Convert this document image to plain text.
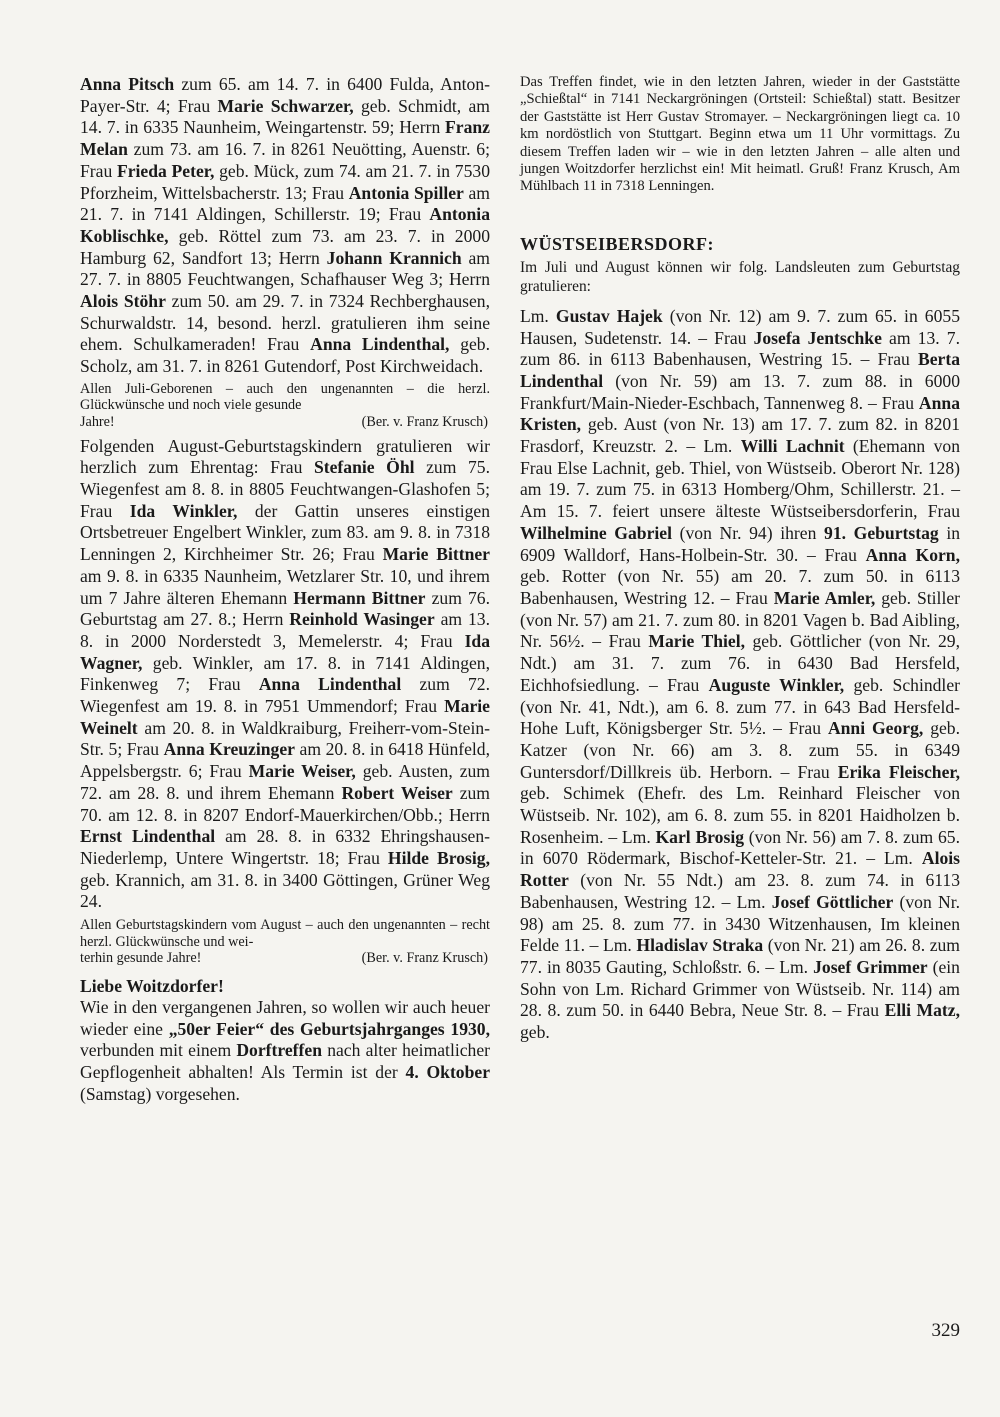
Anna Pitsch zum 65. am 14. 7. in 6400 Fulda, Anton-Payer-Str. 4; Frau Marie Schwarzer, geb. Schmidt, am 14. 7. in 6335 Naunheim, Weingartenstr. 59; Herrn Franz Melan zum 73. am 16. 7. in 8261 Neuötting, Auenstr. 6; Frau Frieda Peter, geb. Mück, zum 74. am 21. 7. in 7530 Pforzheim, Wittelsbacherstr. 13; Frau Antonia Spiller am 21. 7. in 7141 Aldingen, Schillerstr. 19; Frau Antonia Koblischke, geb. Röttel zum 73. am 23. 7. in 2000 Hamburg 62, Sandfort 13; Herrn Johann Krannich am 27. 7. in 8805 Feuchtwangen, Schafhauser Weg 3; Herrn Alois Stöhr zum 50. am 29. 7. in 7324 Rechberghausen, Schurwaldstr. 14, besond. herzl. gratulieren ihm seine ehem. Schulkameraden! Frau Anna Lindenthal, geb. Scholz, am 31. 7. in 8261 Gutendorf, Post Kirchweidach.

Allen Juli-Geborenen – auch den ungenannten – die herzl. Glückwünsche und noch viele gesunde
Jahre!	(Ber. v. Franz Krusch)

Folgenden August-Geburtstagskindern gratulieren wir herzlich zum Ehrentag: Frau Stefanie Öhl zum 75. Wiegenfest am 8. 8. in 8805 Feuchtwangen-Glashofen 5; Frau Ida Winkler, der Gattin unseres einstigen Ortsbetreuer Engelbert Winkler, zum 83. am 9. 8. in 7318 Lenningen 2, Kirchheimer Str. 26; Frau Marie Bittner am 9. 8. in 6335 Naunheim, Wetzlarer Str. 10, und ihrem um 7 Jahre älteren Ehemann Hermann Bittner zum 76. Geburtstag am 27. 8.; Herrn Reinhold Wasinger am 13. 8. in 2000 Norderstedt 3, Memelerstr. 4; Frau Ida Wagner, geb. Winkler, am 17. 8. in 7141 Aldingen, Finkenweg 7; Frau Anna Lindenthal zum 72. Wiegenfest am 19. 8. in 7951 Ummendorf; Frau Marie Weinelt am 20. 8. in Waldkraiburg, Freiherr-vom-Stein-Str. 5; Frau Anna Kreuzinger am 20. 8. in 6418 Hünfeld, Appelsbergstr. 6; Frau Marie Weiser, geb. Austen, zum 72. am 28. 8. und ihrem Ehemann Robert Weiser zum 70. am 12. 8. in 8207 Endorf-Mauerkirchen/Obb.; Herrn Ernst Lindenthal am 28. 8. in 6332 Ehringshausen-Niederlemp, Untere Wingertstr. 18; Frau Hilde Brosig, geb. Krannich, am 31. 8. in 3400 Göttingen, Grüner Weg 24.

Allen Geburtstagskindern vom August – auch den ungenannten – recht herzl. Glückwünsche und wei-
terhin gesunde Jahre!	(Ber. v. Franz Krusch)

Liebe Woitzdorfer!

Wie in den vergangenen Jahren, so wollen wir auch heuer wieder eine „50er Feier“ des Geburtsjahrganges 1930, verbunden mit einem Dorftreffen nach alter heimatlicher Gepflogenheit abhalten! Als Termin ist der 4. Oktober (Samstag) vorgesehen.

Das Treffen findet, wie in den letzten Jahren, wieder in der Gaststätte „Schießtal“ in 7141 Neckargröningen (Ortsteil: Schießtal) statt. Besitzer der Gaststätte ist Herr Gustav Stromayer. – Neckargröningen liegt ca. 10 km nordöstlich von Stuttgart. Beginn etwa um 11 Uhr vormittags. Zu diesem Treffen laden wir – wie in den letzten Jahren – alle alten und jungen Woitzdorfer herzlichst ein! Mit heimatl. Gruß! Franz Krusch, Am Mühlbach 11 in 7318 Lenningen.

WÜSTSEIBERSDORF:

Im Juli und August können wir folg. Landsleuten zum Geburtstag gratulieren:

Lm. Gustav Hajek (von Nr. 12) am 9. 7. zum 65. in 6055 Hausen, Sudetenstr. 14. – Frau Josefa Jentschke am 13. 7. zum 86. in 6113 Babenhausen, Westring 15. – Frau Berta Lindenthal (von Nr. 59) am 13. 7. zum 88. in 6000 Frankfurt/Main-Nieder-Eschbach, Tannenweg 8. – Frau Anna Kristen, geb. Aust (von Nr. 13) am 17. 7. zum 82. in 8201 Frasdorf, Kreuzstr. 2. – Lm. Willi Lachnit (Ehemann von Frau Else Lachnit, geb. Thiel, von Wüstseib. Oberort Nr. 128) am 19. 7. zum 75. in 6313 Homberg/Ohm, Schillerstr. 21. – Am 15. 7. feiert unsere älteste Wüstseibersdorferin, Frau Wilhelmine Gabriel (von Nr. 94) ihren 91. Geburtstag in 6909 Walldorf, Hans-Holbein-Str. 30. – Frau Anna Korn, geb. Rotter (von Nr. 55) am 20. 7. zum 50. in 6113 Babenhausen, Westring 12. – Frau Marie Amler, geb. Stiller (von Nr. 57) am 21. 7. zum 80. in 8201 Vagen b. Bad Aibling, Nr. 56½. – Frau Marie Thiel, geb. Göttlicher (von Nr. 29, Ndt.) am 31. 7. zum 76. in 6430 Bad Hersfeld, Eichhofsiedlung. – Frau Auguste Winkler, geb. Schindler (von Nr. 41, Ndt.), am 6. 8. zum 77. in 643 Bad Hersfeld-Hohe Luft, Königsberger Str. 5½. – Frau Anni Georg, geb. Katzer (von Nr. 66) am 3. 8. zum 55. in 6349 Guntersdorf/Dillkreis üb. Herborn. – Frau Erika Fleischer, geb. Schimek (Ehefr. des Lm. Reinhard Fleischer von Wüstseib. Nr. 102), am 6. 8. zum 55. in 8201 Haidholzen b. Rosenheim. – Lm. Karl Brosig (von Nr. 56) am 7. 8. zum 65. in 6070 Rödermark, Bischof-Ketteler-Str. 21. – Lm. Alois Rotter (von Nr. 55 Ndt.) am 23. 8. zum 74. in 6113 Babenhausen, Westring 12. – Lm. Josef Göttlicher (von Nr. 98) am 25. 8. zum 77. in 3430 Witzenhausen, Im kleinen Felde 11. – Lm. Hladislav Straka (von Nr. 21) am 26. 8. zum 77. in 8035 Gauting, Schloßstr. 6. – Lm. Josef Grimmer (ein Sohn von Lm. Richard Grimmer von Wüstseib. Nr. 114) am 28. 8. zum 50. in 6440 Bebra, Neue Str. 8. – Frau Elli Matz, geb.

329
